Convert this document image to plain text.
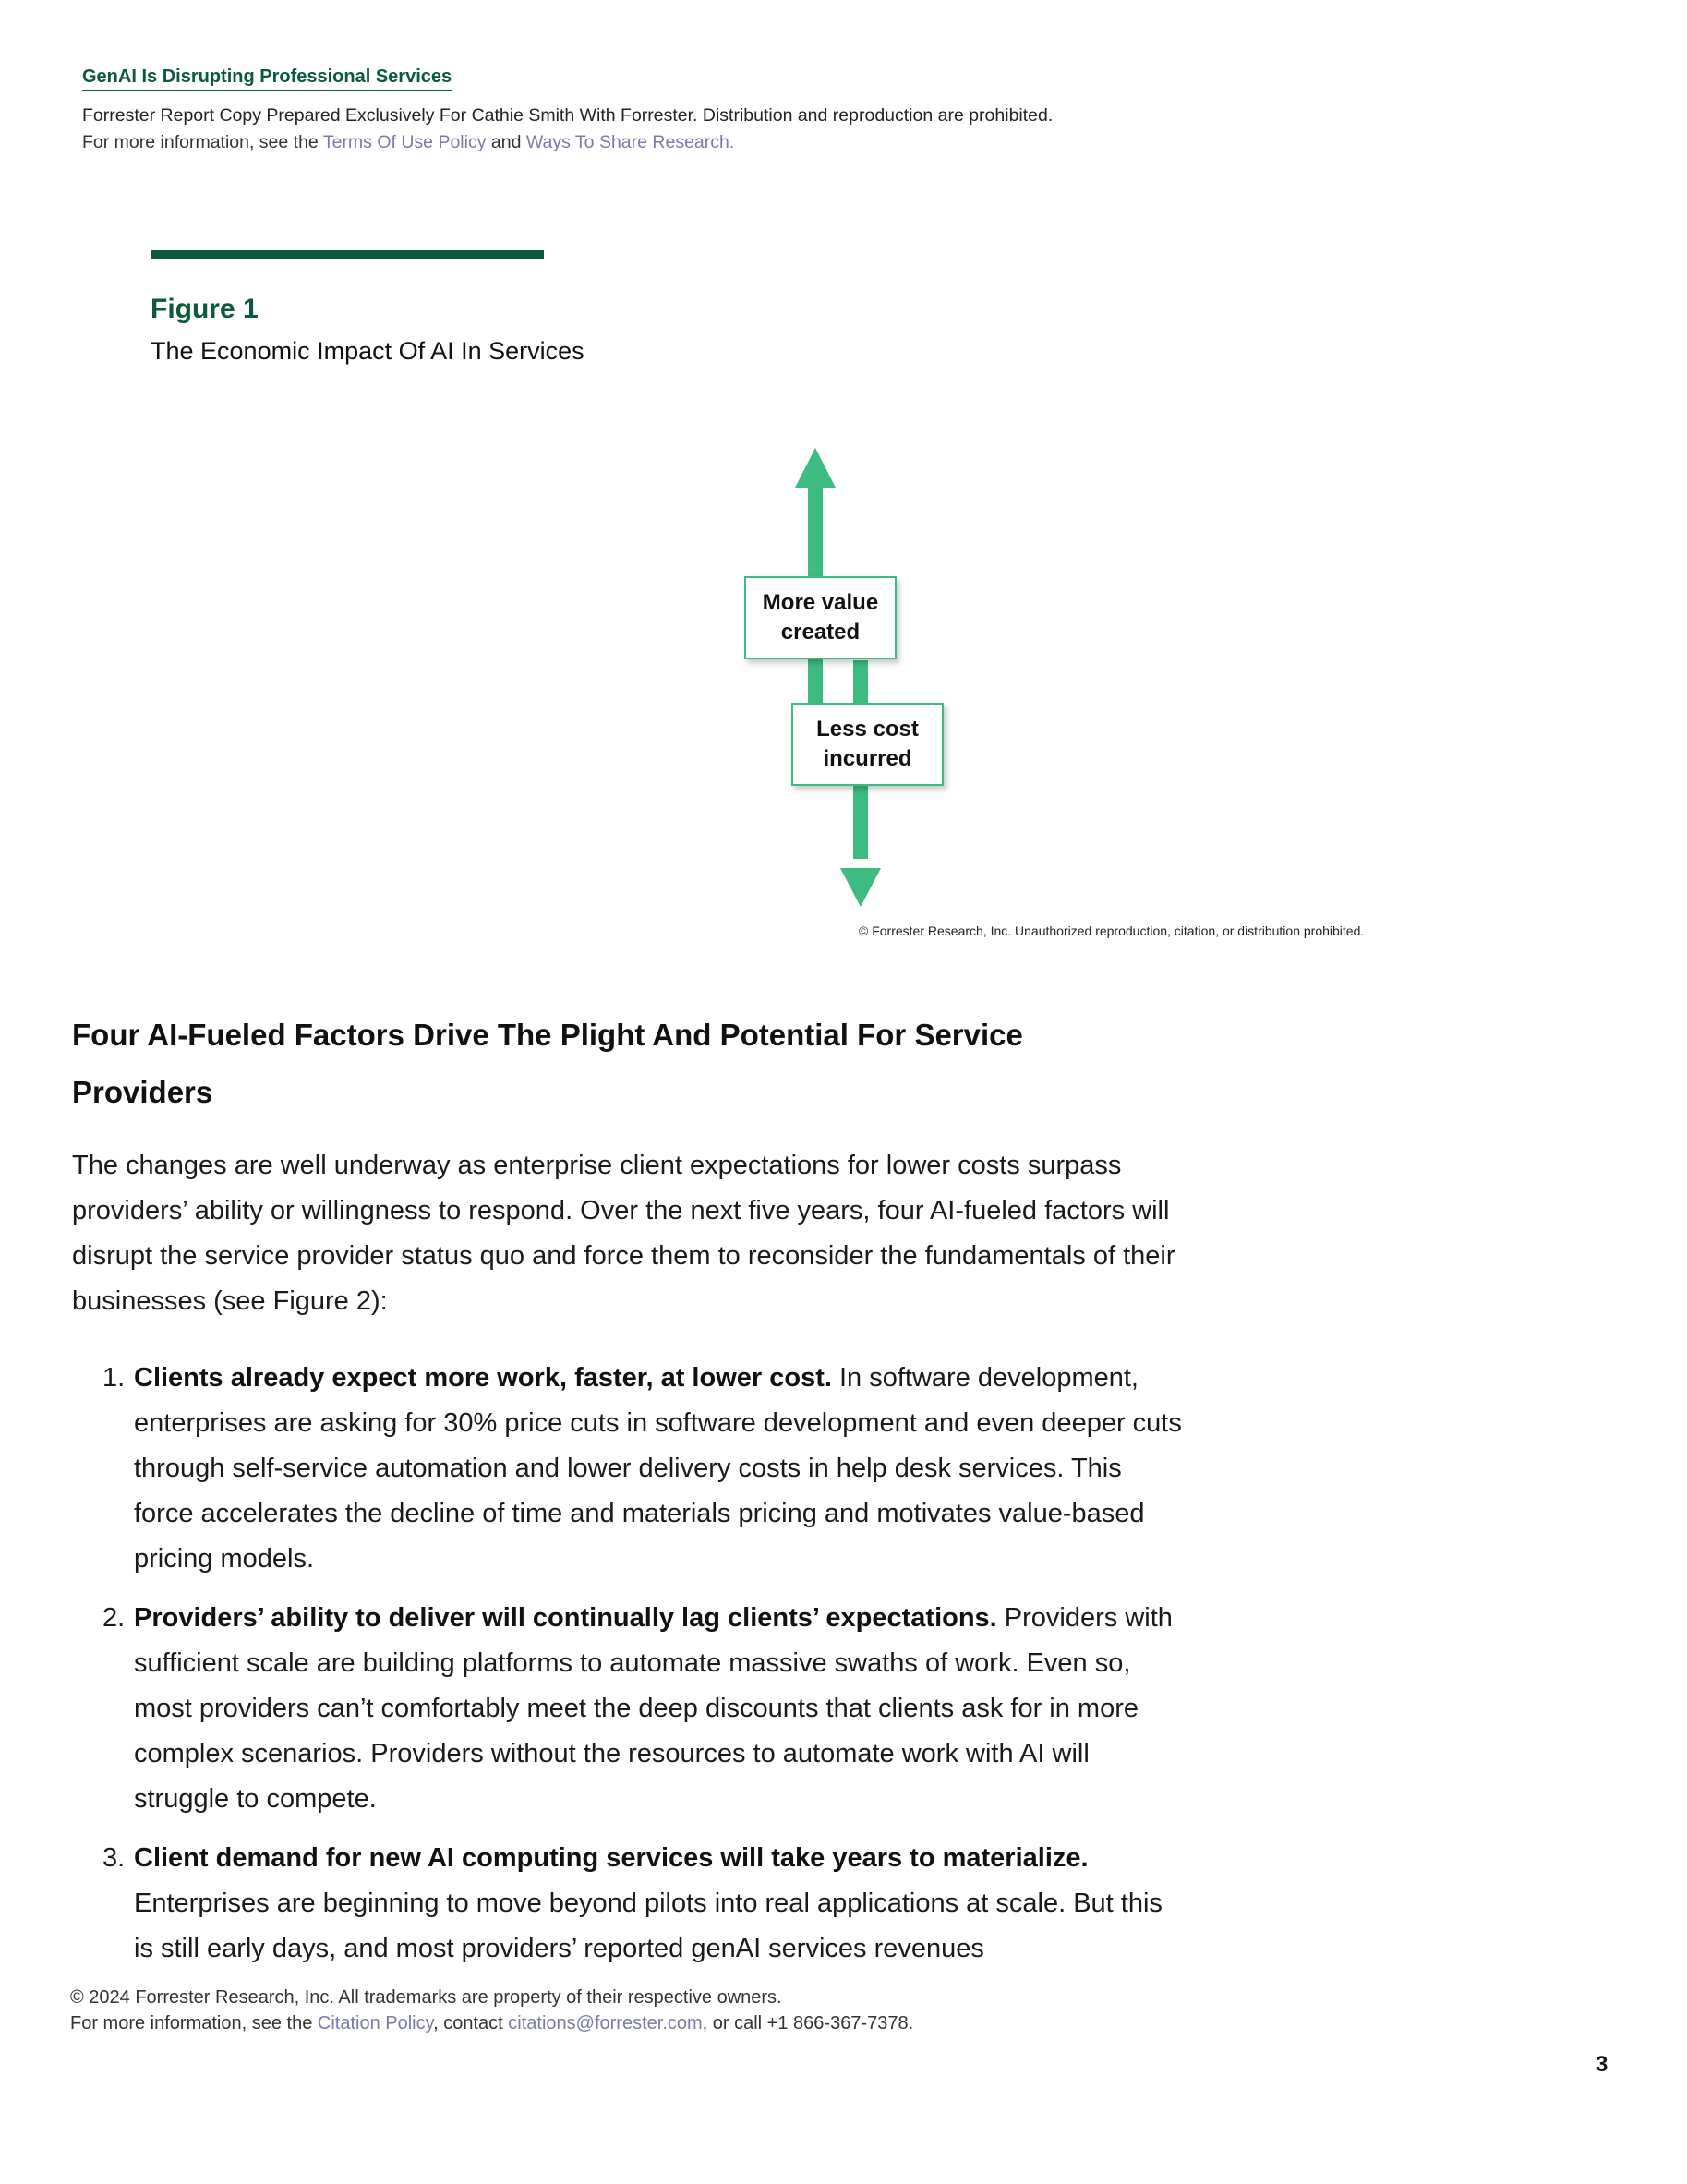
GenAI Is Disrupting Professional Services
Forrester Report Copy Prepared Exclusively For Cathie Smith With Forrester. Distribution and reproduction are prohibited.
For more information, see the Terms Of Use Policy and Ways To Share Research.
Figure 1
The Economic Impact Of AI In Services
More value
created
Less cost
incurred
© Forrester Research, Inc. Unauthorized reproduction, citation, or distribution prohibited.
Four AI-Fueled Factors Drive The Plight And Potential For Service Providers
The changes are well underway as enterprise client expectations for lower costs surpass providers’ ability or willingness to respond. Over the next five years, four AI-fueled factors will disrupt the service provider status quo and force them to reconsider the fundamentals of their businesses (see Figure 2):
1. Clients already expect more work, faster, at lower cost. In software development, enterprises are asking for 30% price cuts in software development and even deeper cuts through self-service automation and lower delivery costs in help desk services. This force accelerates the decline of time and materials pricing and motivates value-based pricing models.
2. Providers’ ability to deliver will continually lag clients’ expectations. Providers with sufficient scale are building platforms to automate massive swaths of work. Even so, most providers can’t comfortably meet the deep discounts that clients ask for in more complex scenarios. Providers without the resources to automate work with AI will struggle to compete.
3. Client demand for new AI computing services will take years to materialize. Enterprises are beginning to move beyond pilots into real applications at scale. But this is still early days, and most providers’ reported genAI services revenues
© 2024 Forrester Research, Inc. All trademarks are property of their respective owners.
For more information, see the Citation Policy, contact citations@forrester.com, or call +1 866-367-7378.
3
